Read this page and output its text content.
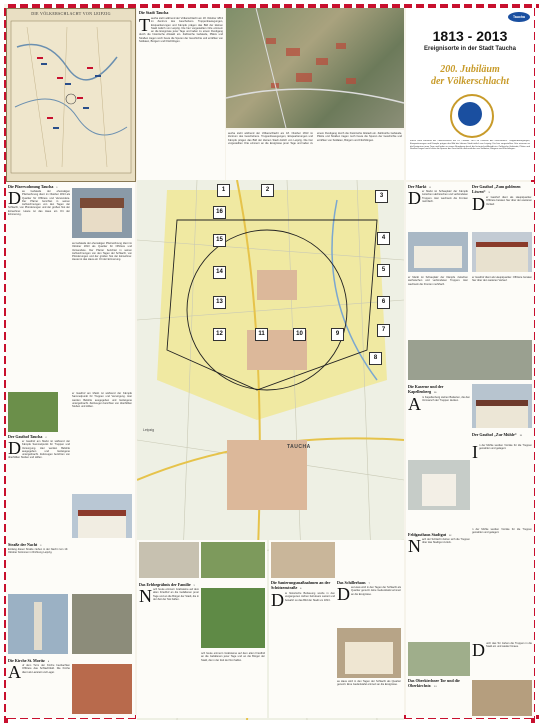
DIE VÖLKERSCHLACHT VON LEIPZIG	Die Stadt Taucha
T aucha steht während der Völkerschlacht am 18. Oktober 1813 im Zentrum des Geschehens. Truppenbewegungen, Einquartierungen und Kämpfe prägen das Bild der kleinen Stadt östlich von Leipzig. Die hier vorgestellten Orte erinnern an die Ereignisse jener Tage und laden zu einem Rundgang durch die historische Altstadt ein. Zahlreiche Gebäude, Plätze und Straßen tragen noch heute die Spuren der Geschichte und erzählen von Soldaten, Bürgern und Flüchtlingen.
aucha steht während der Völkerschlacht am 18. Oktober 1813 im Zentrum des Geschehens. Truppenbewegungen, Einquartierungen und Kämpfe prägen das Bild der kleinen Stadt östlich von Leipzig. Die hier vorgestellten Orte erinnern an die Ereignisse jener Tage und laden zu einem Rundgang durch die historische Altstadt ein. Zahlreiche Gebäude, Plätze und Straßen tragen noch heute die Spuren der Geschichte und erzählen von Soldaten, Bürgern und Flüchtlingen.
Taucha
1813 - 2013
Ereignisorte in der Stadt Taucha
200. Jubiläum
der Völkerschlacht
aucha steht während der Völkerschlacht am 18. Oktober 1813 im Zentrum des Geschehens. Truppenbewegungen, Einquartierungen und Kämpfe prägen das Bild der kleinen Stadt östlich von Leipzig. Die hier vorgestellten Orte erinnern an die Ereignisse jener Tage und laden zu einem Rundgang durch die historische Altstadt ein. Zahlreiche Gebäude, Plätze und Straßen tragen noch heute die Spuren der Geschichte und erzählen von Soldaten, Bürgern und Flüchtlingen.
Die Pfarrwohnung Taucha 1
Das Gebäude der ehemaligen Pfarrwohnung dient im Oktober 1813 als Quartier für Offiziere und Verwundete. Der Pfarrer berichtet in seinen Aufzeichnungen von den Tagen der Schlacht, von Plünderungen und der großen Not der Einwohner. Heute ist das Haus ein Ort der Erinnerung.
as Gebäude der ehemaligen Pfarrwohnung dient im Oktober 1813 als Quartier für Offiziere und Verwundete. Der Pfarrer berichtet in seinen Aufzeichnungen von den Tagen der Schlacht, von Plünderungen und der großen Not der Einwohner. Heute ist das Haus ein Ort der Erinnerung.
Der Gasthof Taucha 2
Der Gasthof am Markt ist während der Kämpfe Sammelpunkt für Truppen und Versorgung. Hier werden Befehle ausgegeben und Gefangene untergebracht. Zeitzeugen berichten von überfüllten Stuben und Höfen.
er Gasthof am Markt ist während der Kämpfe Sammelpunkt für Truppen und Versorgung. Hier werden Befehle ausgegeben und Gefangene untergebracht. Zeitzeugen berichten von überfüllten Stuben und Höfen.
Straße der Nacht 3
Entlang dieser Straße ziehen in der Nacht zum 19. Oktober Kolonnen in Richtung Leipzig.
Die Kirche St. Moritz 4
Auf dem Turm der Kirche beobachten Offiziere das Schlachtfeld. Die Kirche dient als Lazarett und Lager.
TAUCHA
Leipzig
1	2
3
4
5
6
7
8
9
10
11
12
13
14
15
16
Das Erbbegräbnis der Familie 5
Noch heute erinnern Grabsteine auf dem alten Friedhof an die Gefallenen jener Tage und an die Bürger der Stadt, die in der Zeit der Not halfen.
och heute erinnern Grabsteine auf dem alten Friedhof an die Gefallenen jener Tage und an die Bürger der Stadt, die in der Zeit der Not halfen.
Die Sanierungsmaßnahmen an der Schützenstraße 6
Die historische Bebauung wurde in den vergangenen Jahren behutsam saniert und bewahrt so das Bild der Stadt um 1813.
Das Schillerhaus 7
Das Haus wird in den Tagen der Schlacht als Quartier genutzt. Eine Gedenktafel erinnert an die Ereignisse.
as Haus wird in den Tagen der Schlacht als Quartier genutzt. Eine Gedenktafel erinnert an die Ereignisse.
Der Markt 8
Der Markt ist Schauplatz der Kämpfe zwischen sächsischen und verbündeten Truppen. Hier wechseln die Fronten mehrfach.
Der Gasthof „Zum goldenen Löwen“ 9
Der Gasthof dient als Hauptquartier. Offiziere beraten hier über den weiteren Verlauf.
er Markt ist Schauplatz der Kämpfe zwischen sächsischen und verbündeten Truppen. Hier wechseln die Fronten mehrfach.
er Gasthof dient als Hauptquartier. Offiziere beraten hier über den weiteren Verlauf.
Die Kaserne und der Kapellenberg 10
Am Kapellenberg stehen Batterien, die den Vormarsch der Truppen decken.
Der Gasthof „Zur Mühle“ 11
In der Mühle werden Vorräte für die Truppen gemahlen und gelagert.
Feldgasthaus Stadtgut 12
Nach der Schlacht ziehen sich die Truppen über das Stadtgut zurück.
n der Mühle werden Vorräte für die Truppen gemahlen und gelagert.
Das Oberkirchner Tor und die Oberkirchstr. 13
Durch das Tor ziehen die Truppen in die Stadt ein und wieder hinaus.
